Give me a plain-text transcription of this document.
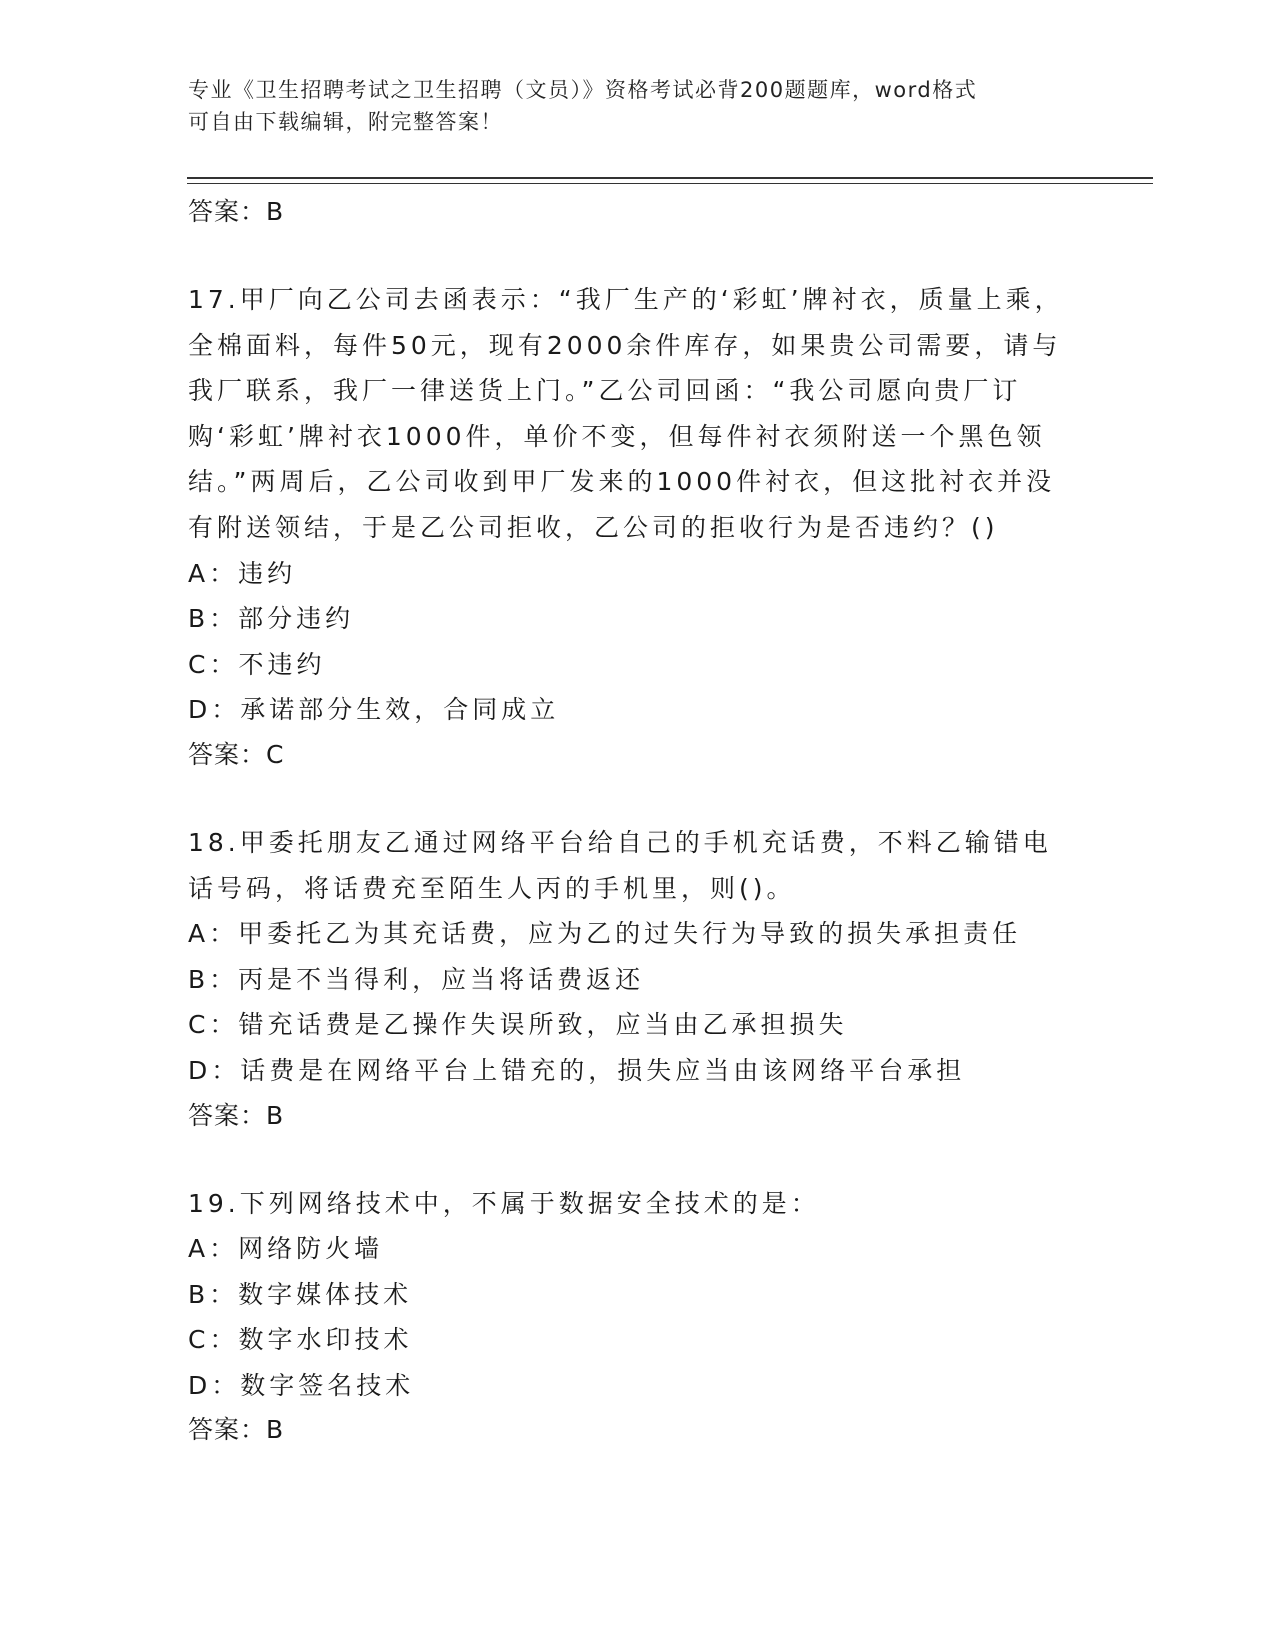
专业《卫生招聘考试之卫生招聘（文员）》资格考试必背200题题库，word格式
可自由下载编辑，附完整答案！

答案：B

17.甲厂向乙公司去函表示：“我厂生产的‘彩虹’牌衬衣，质量上乘，全棉面料，每件50元，现有2000余件库存，如果贵公司需要，请与我厂联系，我厂一律送货上门。”乙公司回函：“我公司愿向贵厂订购‘彩虹’牌衬衣1000件，单价不变，但每件衬衣须附送一个黑色领结。”两周后，乙公司收到甲厂发来的1000件衬衣，但这批衬衣并没有附送领结，于是乙公司拒收，乙公司的拒收行为是否违约？()

A：违约

B：部分违约

C：不违约

D：承诺部分生效，合同成立

答案：C

18.甲委托朋友乙通过网络平台给自己的手机充话费，不料乙输错电话号码，将话费充至陌生人丙的手机里，则()。

A：甲委托乙为其充话费，应为乙的过失行为导致的损失承担责任

B：丙是不当得利，应当将话费返还

C：错充话费是乙操作失误所致，应当由乙承担损失

D：话费是在网络平台上错充的，损失应当由该网络平台承担

答案：B

19.下列网络技术中，不属于数据安全技术的是：

A：网络防火墙

B：数字媒体技术

C：数字水印技术

D：数字签名技术

答案：B
